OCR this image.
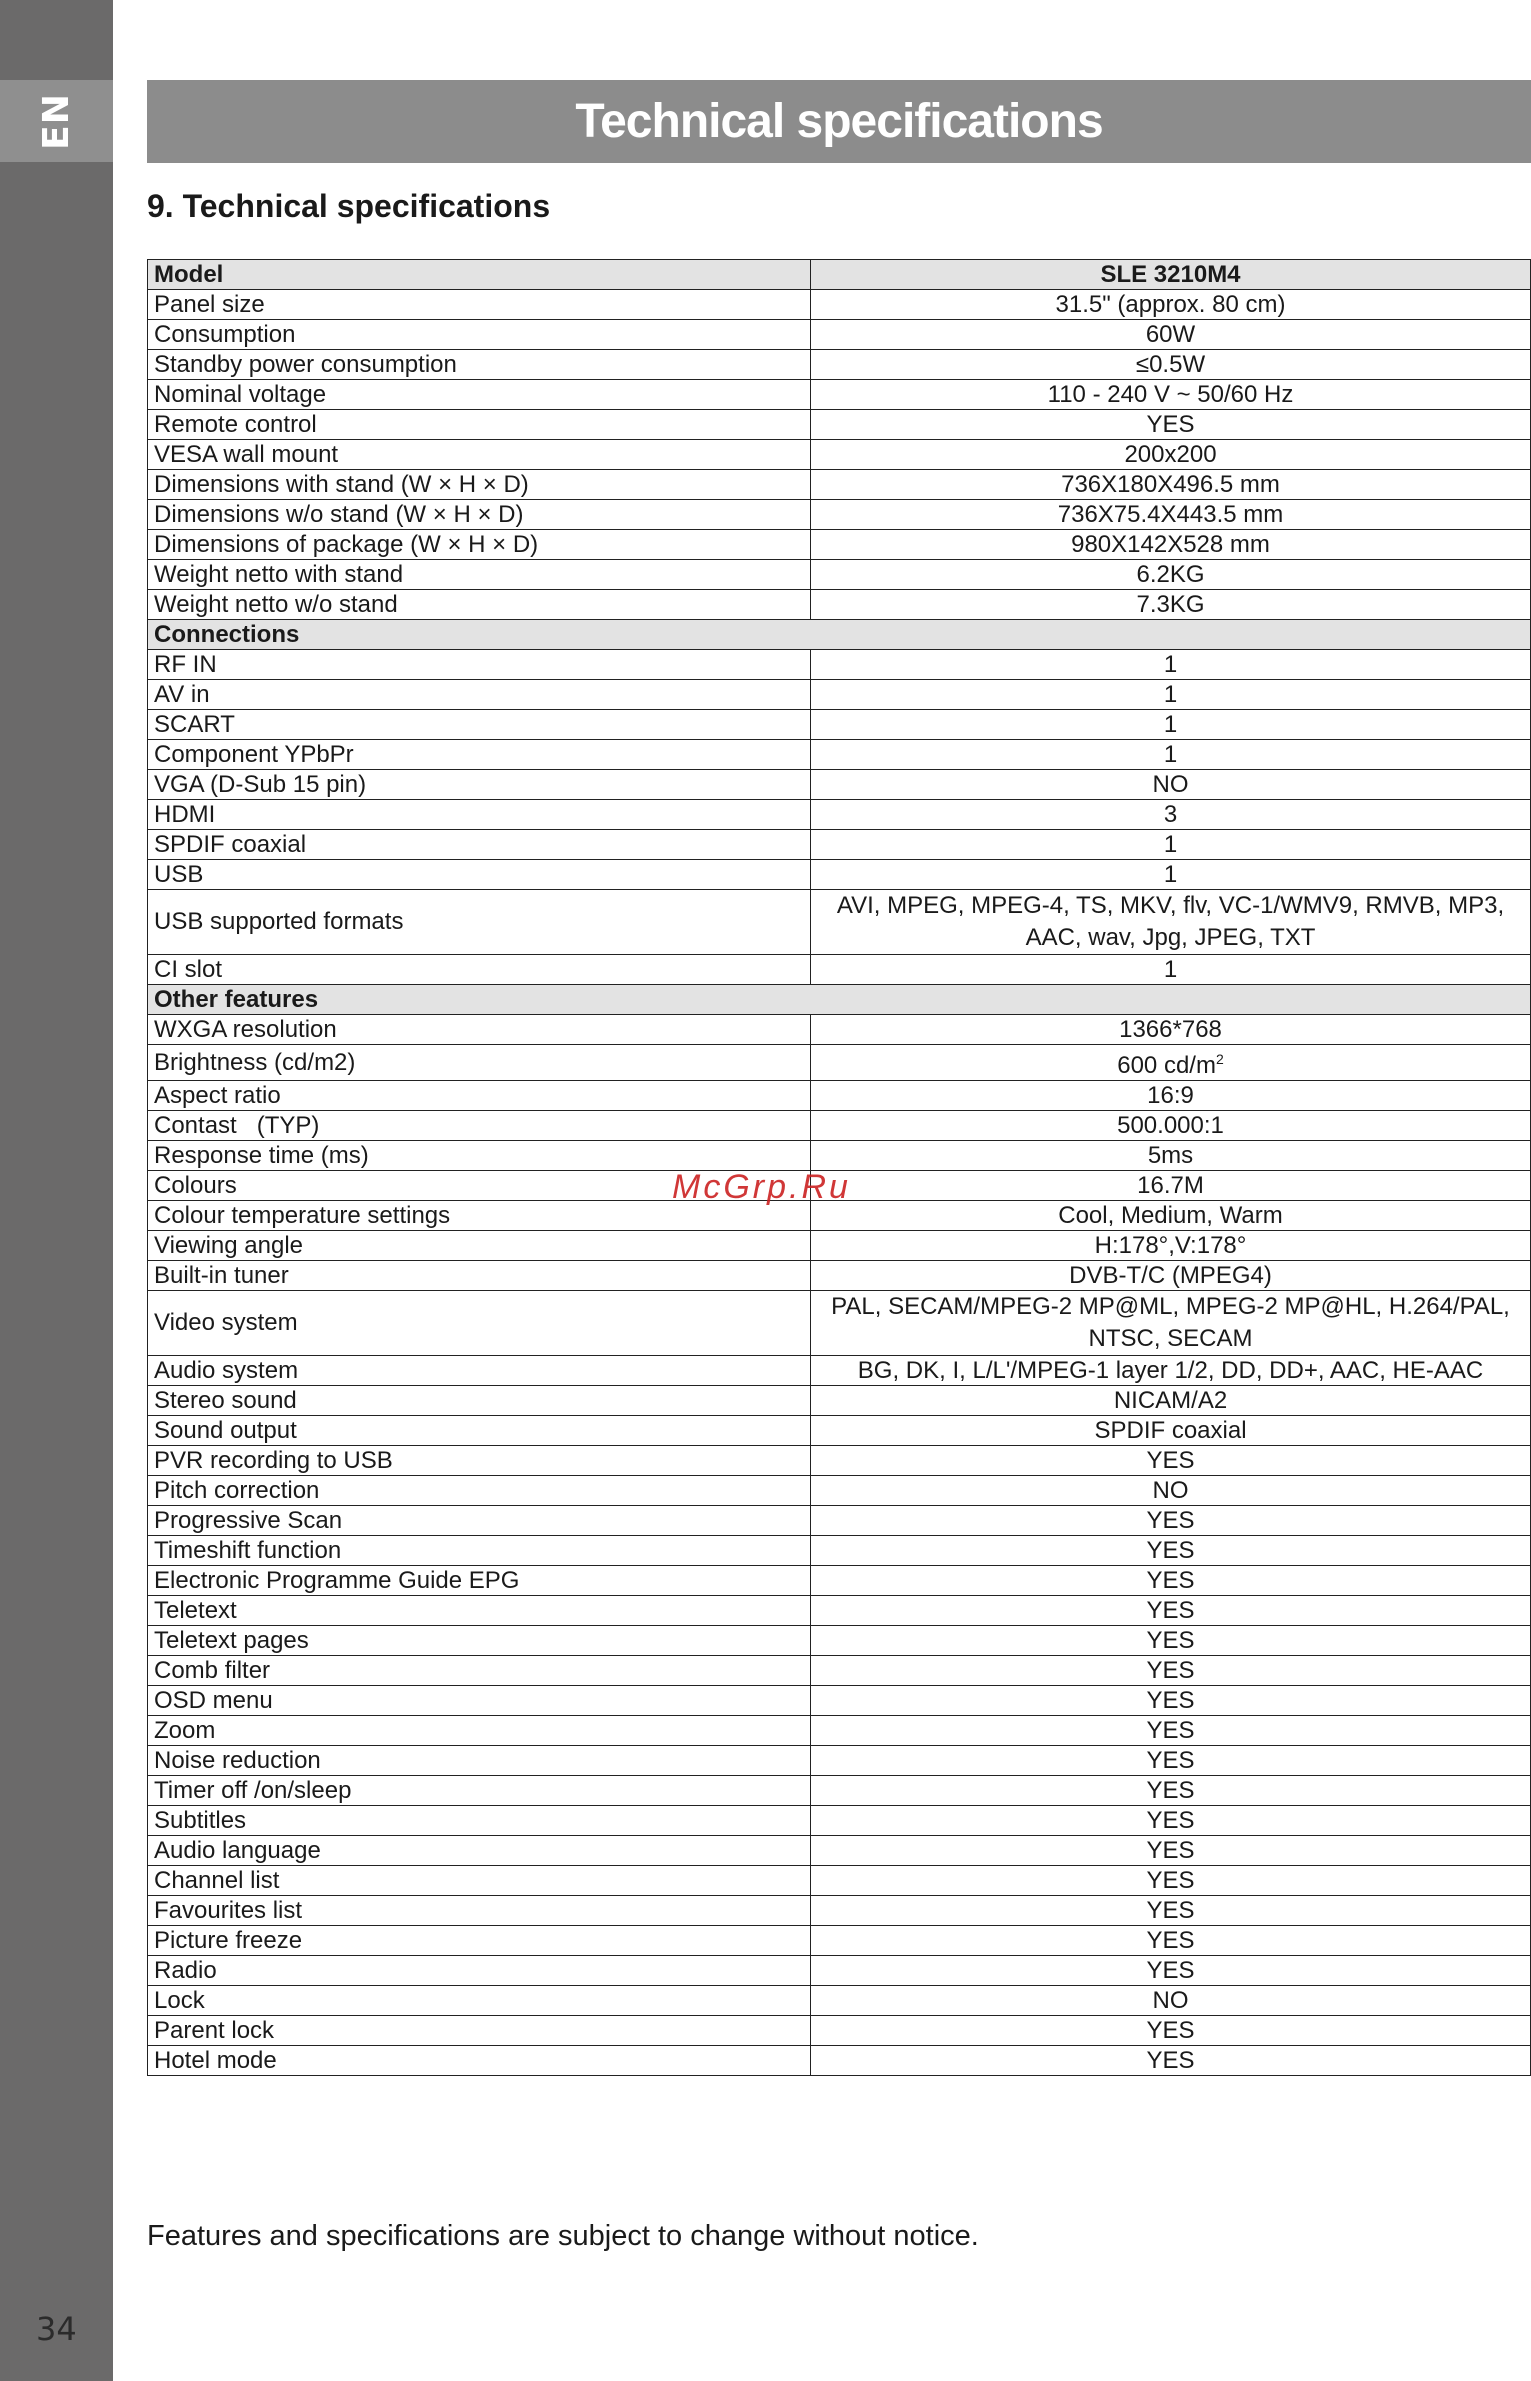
EN
34
Technical specifications
9. Technical specifications
Model	SLE 3210M4
Panel size	31.5" (approx. 80 cm)
Consumption	60W
Standby power consumption	≤0.5W
Nominal voltage	110 - 240 V ~ 50/60 Hz
Remote control	YES
VESA wall mount	200x200
Dimensions with stand (W × H × D)	736X180X496.5 mm
Dimensions w/o stand (W × H × D)	736X75.4X443.5 mm
Dimensions of package (W × H × D)	980X142X528 mm
Weight netto with stand	6.2KG
Weight netto w/o stand	7.3KG
Connections	
RF IN	1
AV in	1
SCART	1
Component YPbPr	1
VGA (D-Sub 15 pin)	NO
HDMI	3
SPDIF coaxial	1
USB	1
USB supported formats	AVI, MPEG, MPEG-4, TS, MKV, flv, VC-1/WMV9, RMVB, MP3, AAC, wav, Jpg, JPEG, TXT
CI slot	1
Other features	
WXGA resolution	1366*768
Brightness (cd/m2)	600 $cd/m^2$
Aspect ratio	16:9
Contast   (TYP)	500.000:1
Response time (ms)	5ms
Colours	16.7M
Colour temperature settings	Cool, Medium, Warm
Viewing angle	H:178°,V:178°
Built-in tuner	DVB-T/C (MPEG4)
Video system	PAL, SECAM/MPEG-2 MP@ML, MPEG-2 MP@HL, H.264/PAL, NTSC, SECAM
Audio system	BG, DK, I, L/L'/MPEG-1 layer 1/2, DD, DD+, AAC, HE-AAC
Stereo sound	NICAM/A2
Sound output	SPDIF coaxial
PVR recording to USB	YES
Pitch correction	NO
Progressive Scan	YES
Timeshift function	YES
Electronic Programme Guide EPG	YES
Teletext	YES
Teletext pages	YES
Comb filter	YES
OSD menu	YES
Zoom	YES
Noise reduction	YES
Timer off /on/sleep	YES
Subtitles	YES
Audio language	YES
Channel list	YES
Favourites list	YES
Picture freeze	YES
Radio	YES
Lock	NO
Parent lock	YES
Hotel mode	YES
McGrp.Ru
Features and specifications are subject to change without notice.
